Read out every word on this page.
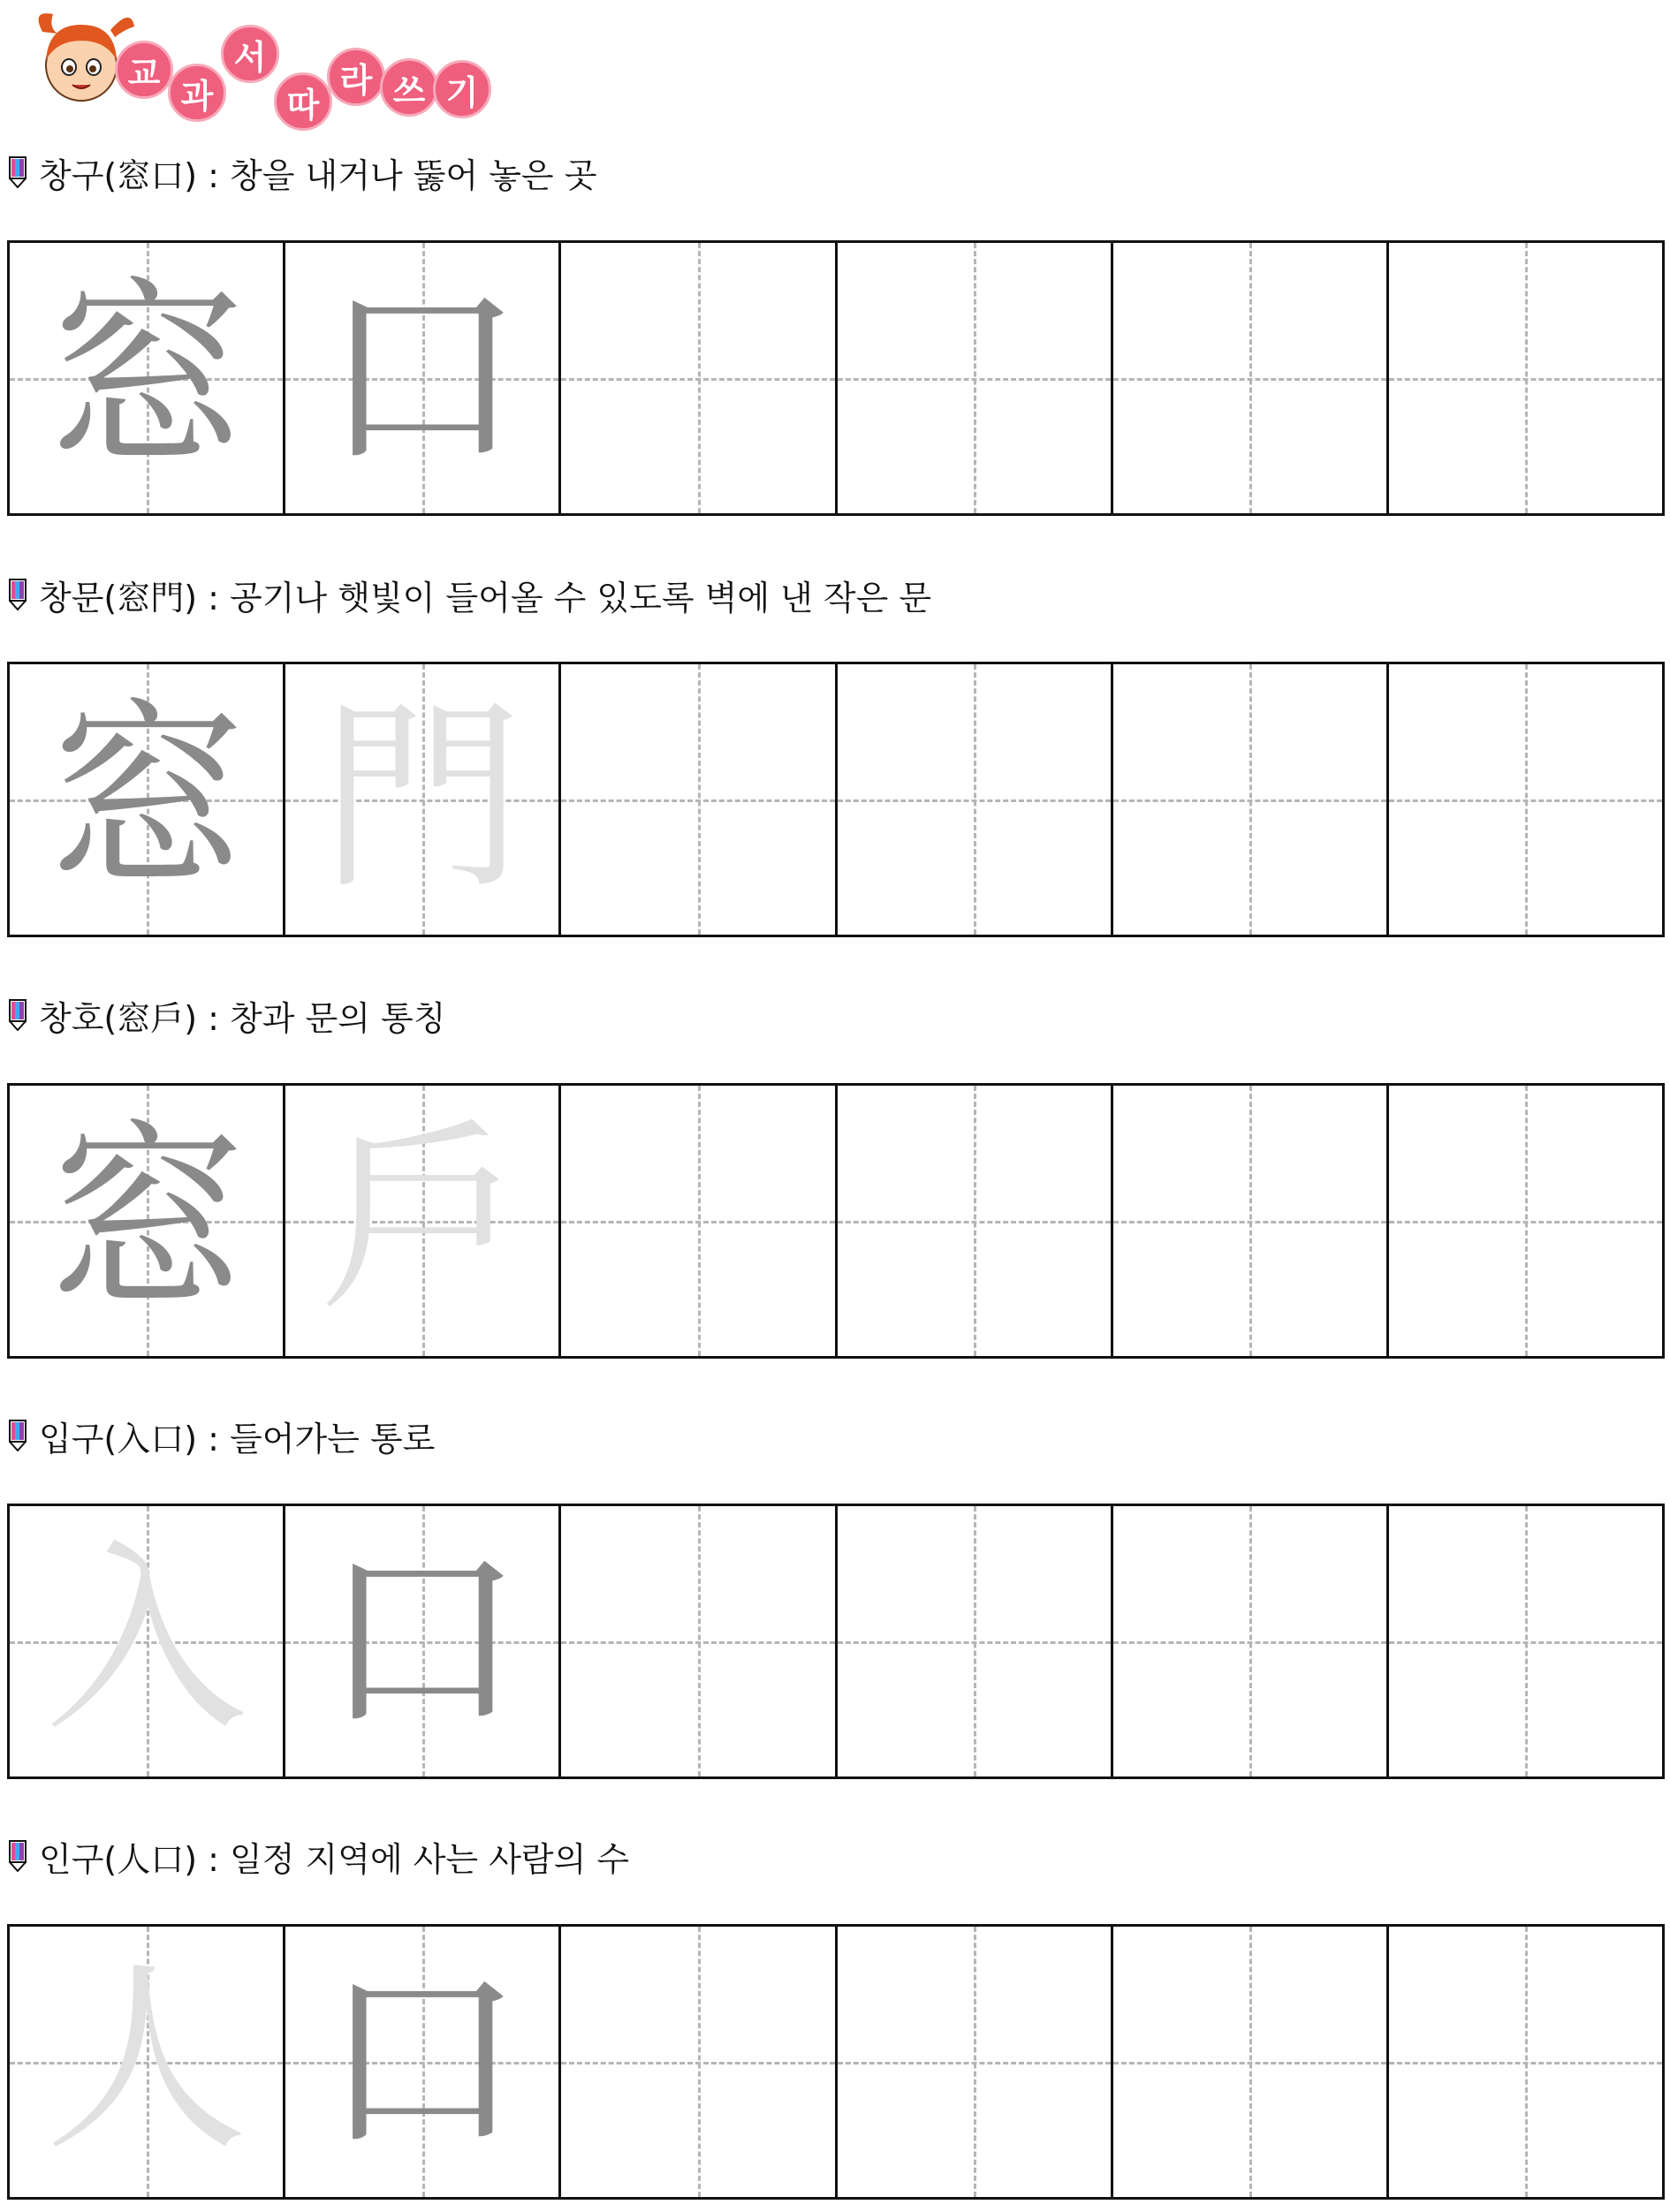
교
과
서
따
라 쓰 기
창구(窓口) : 창을 내거나 뚫어 놓은 곳
窓 口
창문(窓門) : 공기나 햇빛이 들어올 수 있도록 벽에 낸 작은 문
窓 門
창호(窓戶) : 창과 문의 통칭
窓 戶
입구(入口) : 들어가는 통로
入 口
인구(人口) : 일정 지역에 사는 사람의 수
人 口
